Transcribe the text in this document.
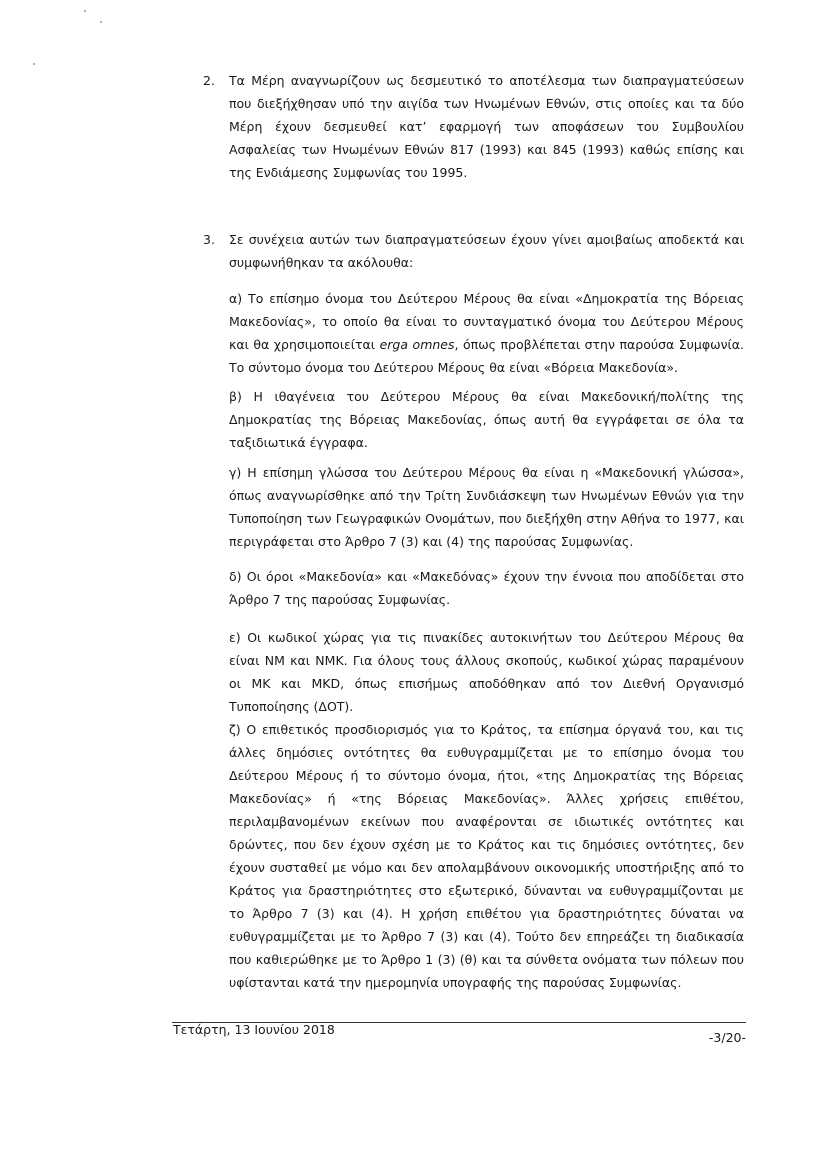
2.	Τα Μέρη αναγνωρίζουν ως δεσμευτικό το αποτέλεσμα των διαπραγματεύσεων που διεξήχθησαν υπό την αιγίδα των Ηνωμένων Εθνών, στις οποίες και τα δύο Μέρη έχουν δεσμευθεί κατ’ εφαρμογή των αποφάσεων του Συμβουλίου Ασφαλείας των Ηνωμένων Εθνών 817 (1993) και 845 (1993) καθώς επίσης και της Ενδιάμεσης Συμφωνίας του 1995.
3.	Σε συνέχεια αυτών των διαπραγματεύσεων έχουν γίνει αμοιβαίως αποδεκτά και συμφωνήθηκαν τα ακόλουθα:
α) Το επίσημο όνομα του Δεύτερου Μέρους θα είναι «Δημοκρατία της Βόρειας Μακεδονίας», το οποίο θα είναι το συνταγματικό όνομα του Δεύτερου Μέρους και θα χρησιμοποιείται erga omnes, όπως προβλέπεται στην παρούσα Συμφωνία. Το σύντομο όνομα του Δεύτερου Μέρους θα είναι «Βόρεια Μακεδονία».
β) Η ιθαγένεια του Δεύτερου Μέρους θα είναι Μακεδονική/πολίτης της Δημοκρατίας της Βόρειας Μακεδονίας, όπως αυτή θα εγγράφεται σε όλα τα ταξιδιωτικά έγγραφα.
γ) Η επίσημη γλώσσα του Δεύτερου Μέρους θα είναι η «Μακεδονική γλώσσα», όπως αναγνωρίσθηκε από την Τρίτη Συνδιάσκεψη των Ηνωμένων Εθνών για την Τυποποίηση των Γεωγραφικών Ονομάτων, που διεξήχθη στην Αθήνα το 1977, και περιγράφεται στο Άρθρο 7 (3) και (4) της παρούσας Συμφωνίας.
δ) Οι όροι «Μακεδονία» και «Μακεδόνας» έχουν την έννοια που αποδίδεται στο Άρθρο 7 της παρούσας Συμφωνίας.
ε) Οι κωδικοί χώρας για τις πινακίδες αυτοκινήτων του Δεύτερου Μέρους θα είναι NM και NMK. Για όλους τους άλλους σκοπούς, κωδικοί χώρας παραμένουν οι MK και MKD, όπως επισήμως αποδόθηκαν από τον Διεθνή Οργανισμό Τυποποίησης (ΔΟΤ).
ζ) Ο επιθετικός προσδιορισμός για το Κράτος, τα επίσημα όργανά του, και τις άλλες δημόσιες οντότητες θα ευθυγραμμίζεται με το επίσημο όνομα του Δεύτερου Μέρους ή το σύντομο όνομα, ήτοι, «της Δημοκρατίας της Βόρειας Μακεδονίας» ή «της Βόρειας Μακεδονίας». Άλλες χρήσεις επιθέτου, περιλαμβανομένων εκείνων που αναφέρονται σε ιδιωτικές οντότητες και δρώντες, που δεν έχουν σχέση με το Κράτος και τις δημόσιες οντότητες, δεν έχουν συσταθεί με νόμο και δεν απολαμβάνουν οικονομικής υποστήριξης από το Κράτος για δραστηριότητες στο εξωτερικό, δύνανται να ευθυγραμμίζονται με το Άρθρο 7 (3) και (4). Η χρήση επιθέτου για δραστηριότητες δύναται να ευθυγραμμίζεται με το Άρθρο 7 (3) και (4). Τούτο δεν επηρεάζει τη διαδικασία που καθιερώθηκε με το Άρθρο 1 (3) (θ) και τα σύνθετα ονόματα των πόλεων που υφίστανται κατά την ημερομηνία υπογραφής της παρούσας Συμφωνίας.
Τετάρτη, 13 Ιουνίου 2018
-3/20-
